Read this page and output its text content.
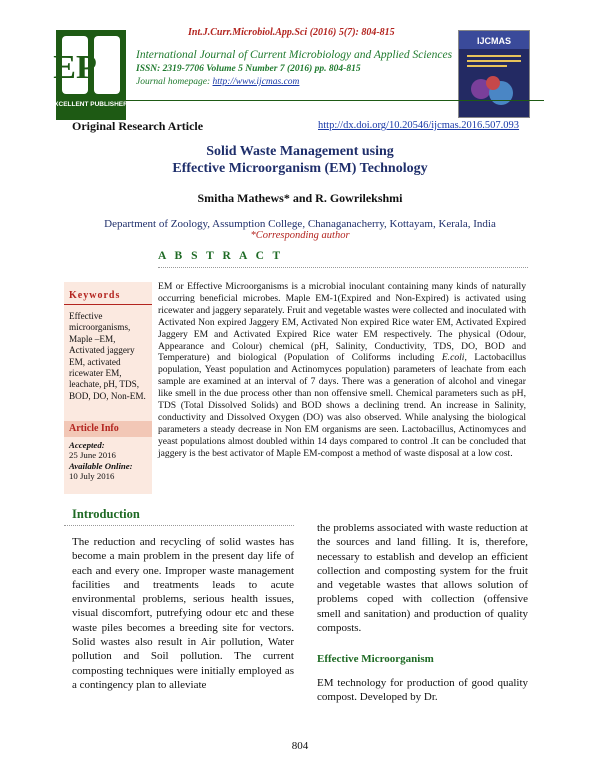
Int.J.Curr.Microbiol.App.Sci (2016) 5(7): 804-815
EP
EXCELLENT PUBLISHERS
International Journal of Current Microbiology and Applied Sciences
ISSN: 2319-7706 Volume 5 Number 7 (2016) pp. 804-815
Journal homepage: http://www.ijcmas.com
IJCMAS
Original Research Article	http://dx.doi.org/10.20546/ijcmas.2016.507.093
Solid Waste Management using
Effective Microorganism (EM) Technology
Smitha Mathews* and R. Gowrilekshmi
Department of Zoology, Assumption College, Chanaganacherry, Kottayam, Kerala, India
*Corresponding author
A B S T R A C T
EM or Effective Microorganisms is a microbial inoculant containing many kinds of naturally occurring beneficial microbes. Maple EM-1(Expired and Non-Expired) is activated using ricewater and jaggery separately. Fruit and vegetable wastes were collected and inoculated with Activated Non expired Jaggery EM, Activated Non expired Rice water EM, Activated Expired Jaggery EM and Activated Expired Rice water EM respectively. The physical (Odour, Appearance and Colour) chemical (pH, Salinity, Conductivity, TDS, DO, BOD and Temperature) and biological (Population of Coliforms including E.coli, Lactobacillus population, Yeast population and Actinomyces population) parameters of leachate from each sample are examined at an interval of 7 days. There was a generation of alcohol and vinegar like smell in the due process other than non offensive smell. Chemical parameters such as pH, TDS (Total Dissolved Solids) and BOD shows a declining trend. An increase in Salinity, conductivity and Dissolved Oxygen (DO) was also observed. While analysing the biological parameters a steady decrease in Non EM organisms are seen. Lactobacillus, Actinomyces and yeast populations almost doubled within 14 days compared to control .It can be concluded that jaggery is the best activator of Maple EM-compost a method of waste disposal at a low cost.
Keywords
Effective microorganisms, Maple –EM, Activated jaggery EM, activated ricewater EM, leachate, pH, TDS, BOD, DO, Non-EM.
Article Info
Accepted:
25 June 2016
Available Online:
10 July 2016
Introduction
The reduction and recycling of solid wastes has become a main problem in the present day life of each and every one. Improper waste management facilities and treatments leads to acute environmental problems, serious health issues, visual discomfort, putrefying odour etc and these waste piles becomes a breeding site for vectors. Solid wastes also result in Air pollution, Water pollution and Soil pollution. The current composting techniques were initially employed as a contingency plan to alleviate
the problems associated with waste reduction at the sources and land filling. It is, therefore, necessary to establish and develop an efficient collection and composting system for the fruit and vegetable wastes that allows solution of problems coped with collection (offensive smell and sanitation) and production of quality composts.
Effective Microorganism
EM technology for production of good quality compost. Developed by Dr.
804
